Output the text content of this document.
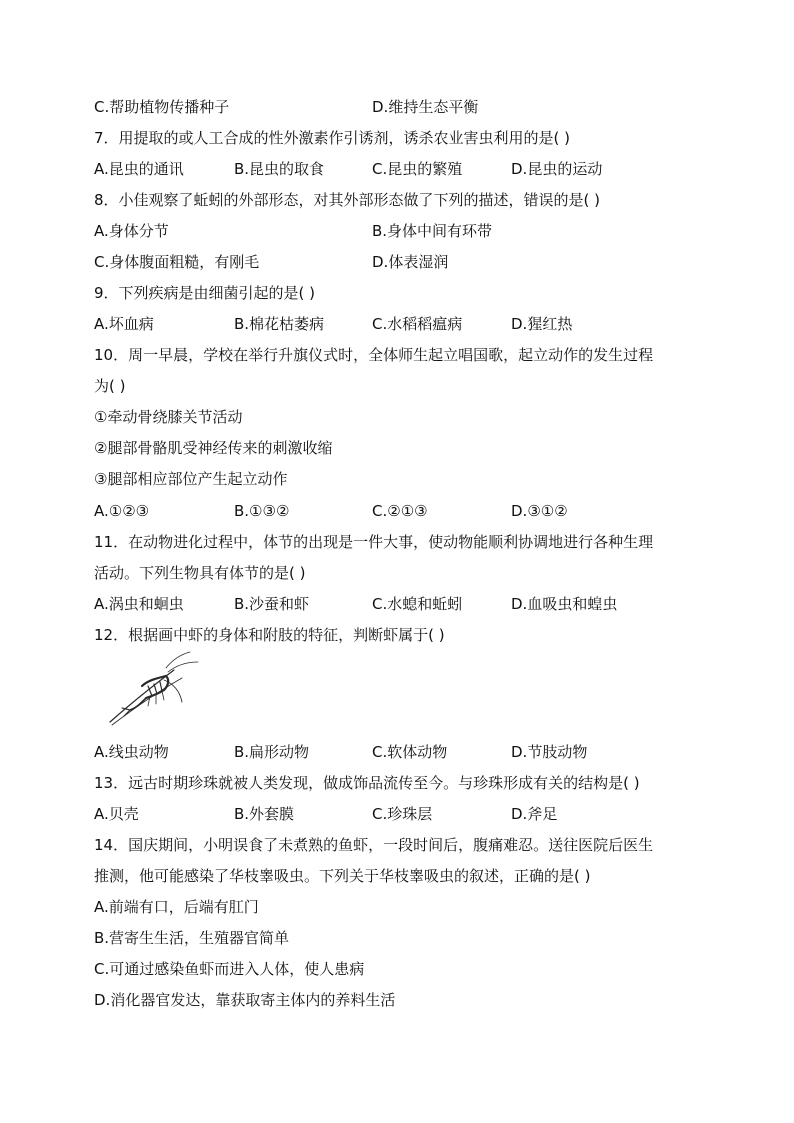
C.帮助植物传播种子	D.维持生态平衡
7．用提取的或人工合成的性外激素作引诱剂，诱杀农业害虫利用的是( )
A.昆虫的通讯	B.昆虫的取食	C.昆虫的繁殖	D.昆虫的运动
8．小佳观察了蚯蚓的外部形态，对其外部形态做了下列的描述，错误的是( )
A.身体分节	B.身体中间有环带
C.身体腹面粗糙，有刚毛	D.体表湿润
9．下列疾病是由细菌引起的是( )
A.坏血病	B.棉花枯萎病	C.水稻稻瘟病	D.猩红热
10．周一早晨，学校在举行升旗仪式时，全体师生起立唱国歌，起立动作的发生过程
为( )
①牵动骨绕膝关节活动
②腿部骨骼肌受神经传来的刺激收缩
③腿部相应部位产生起立动作
A.①②③	B.①③②	C.②①③	D.③①②
11．在动物进化过程中，体节的出现是一件大事，使动物能顺利协调地进行各种生理
活动。下列生物具有体节的是( )
A.涡虫和蛔虫	B.沙蚕和虾	C.水螅和蚯蚓	D.血吸虫和蝗虫
12．根据画中虾的身体和附肢的特征，判断虾属于( )
A.线虫动物	B.扁形动物	C.软体动物	D.节肢动物
13．远古时期珍珠就被人类发现，做成饰品流传至今。与珍珠形成有关的结构是( )
A.贝壳	B.外套膜	C.珍珠层	D.斧足
14．国庆期间，小明误食了未煮熟的鱼虾，一段时间后，腹痛难忍。送往医院后医生
推测，他可能感染了华枝睾吸虫。下列关于华枝睾吸虫的叙述，正确的是( )
A.前端有口，后端有肛门
B.营寄生生活，生殖器官简单
C.可通过感染鱼虾而进入人体，使人患病
D.消化器官发达，靠获取寄主体内的养料生活
